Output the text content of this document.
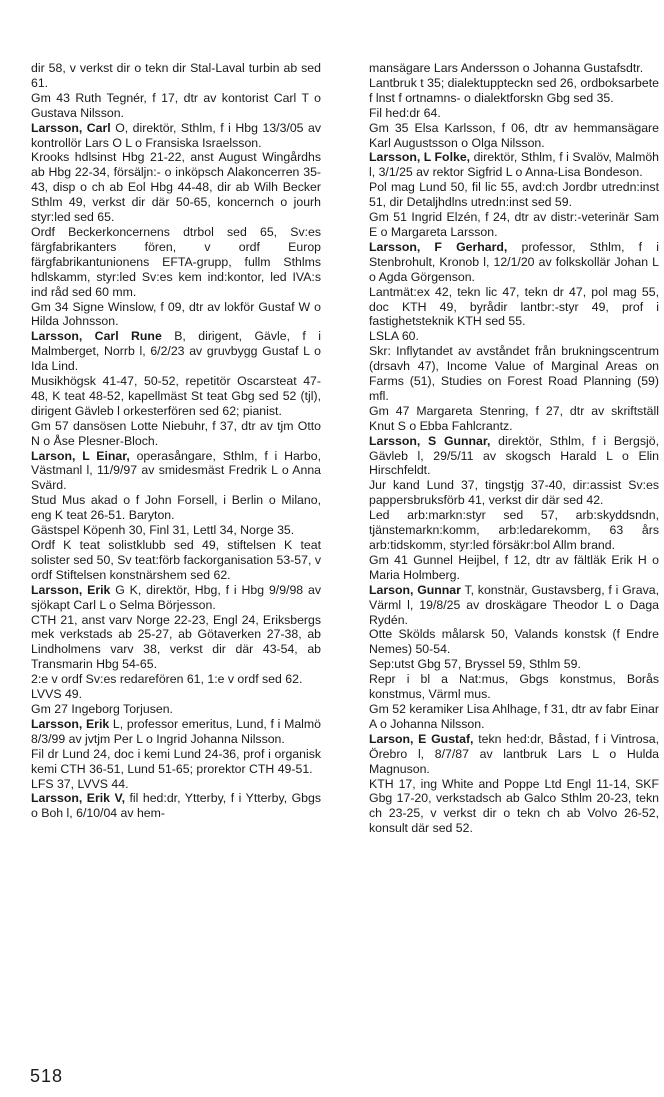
dir 58, v verkst dir o tekn dir Stal-Laval turbin ab sed 61.

Gm 43 Ruth Tegnér, f 17, dtr av kontorist Carl T o Gustava Nilsson.

Larsson, Carl O, direktör, Sthlm, f i Hbg 13/3/05 av kontrollör Lars O L o Fransiska Israelsson.

Krooks hdlsinst Hbg 21-22, anst August Wingårdhs ab Hbg 22-34, försäljn:- o inköpsch Alakoncerren 35-43, disp o ch ab Eol Hbg 44-48, dir ab Wilh Becker Sthlm 49, verkst dir där 50-65, koncernch o jourh styr:led sed 65.

Ordf Beckerkoncernens dtrbol sed 65, Sv:es färgfabrikanters fören, v ordf Europ färgfabrikantunionens EFTA-grupp, fullm Sthlms hdlskamm, styr:led Sv:es kem ind:kontor, led IVA:s ind råd sed 60 mm.

Gm 34 Signe Winslow, f 09, dtr av lokför Gustaf W o Hilda Johnsson.

Larsson, Carl Rune B, dirigent, Gävle, f i Malmberget, Norrb l, 6/2/23 av gruvbygg Gustaf L o Ida Lind.

Musikhögsk 41-47, 50-52, repetitör Oscarsteat 47-48, K teat 48-52, kapellmäst St teat Gbg sed 52 (tjl), dirigent Gävleb l orkesterfören sed 62; pianist.

Gm 57 dansösen Lotte Niebuhr, f 37, dtr av tjm Otto N o Åse Plesner-Bloch.

Larson, L Einar, operasångare, Sthlm, f i Harbo, Västmanl l, 11/9/97 av smidesmäst Fredrik L o Anna Svärd.

Stud Mus akad o f John Forsell, i Berlin o Milano, eng K teat 26-51. Baryton.

Gästspel Köpenh 30, Finl 31, Lettl 34, Norge 35.

Ordf K teat solistklubb sed 49, stiftelsen K teat solister sed 50, Sv teat:förb fackorganisation 53-57, v ordf Stiftelsen konstnärshem sed 62.

Larsson, Erik G K, direktör, Hbg, f i Hbg 9/9/98 av sjökapt Carl L o Selma Börjesson.

CTH 21, anst varv Norge 22-23, Engl 24, Eriksbergs mek verkstads ab 25-27, ab Götaverken 27-38, ab Lindholmens varv 38, verkst dir där 43-54, ab Transmarin Hbg 54-65.

2:e v ordf Sv:es redarefören 61, 1:e v ordf sed 62.

LVVS 49.

Gm 27 Ingeborg Torjusen.

Larsson, Erik L, professor emeritus, Lund, f i Malmö 8/3/99 av jvtjm Per L o Ingrid Johanna Nilsson.

Fil dr Lund 24, doc i kemi Lund 24-36, prof i organisk kemi CTH 36-51, Lund 51-65; prorektor CTH 49-51.

LFS 37, LVVS 44.

Larsson, Erik V, fil hed:dr, Ytterby, f i Ytterby, Gbgs o Boh l, 6/10/04 av hem-

mansägare Lars Andersson o Johanna Gustafsdtr.

Lantbruk t 35; dialektuppteckn sed 26, ordboksarbete f lnst f ortnamns- o dialektforskn Gbg sed 35.

Fil hed:dr 64.

Gm 35 Elsa Karlsson, f 06, dtr av hemmansägare Karl Augustsson o Olga Nilsson.

Larsson, L Folke, direktör, Sthlm, f i Svalöv, Malmöh l, 3/1/25 av rektor Sigfrid L o Anna-Lisa Bondeson.

Pol mag Lund 50, fil lic 55, avd:ch Jordbr utredn:inst 51, dir Detaljhdlns utredn:inst sed 59.

Gm 51 Ingrid Elzén, f 24, dtr av distr:-veterinär Sam E o Margareta Larsson.

Larsson, F Gerhard, professor, Sthlm, f i Stenbrohult, Kronob l, 12/1/20 av folkskollär Johan L o Agda Görgenson.

Lantmät:ex 42, tekn lic 47, tekn dr 47, pol mag 55, doc KTH 49, byrådir lantbr:-styr 49, prof i fastighetsteknik KTH sed 55.

LSLA 60.

Skr: Inflytandet av avståndet från brukningscentrum (drsavh 47), Income Value of Marginal Areas on Farms (51), Studies on Forest Road Planning (59) mfl.

Gm 47 Margareta Stenring, f 27, dtr av skriftställ Knut S o Ebba Fahlcrantz.

Larsson, S Gunnar, direktör, Sthlm, f i Bergsjö, Gävleb l, 29/5/11 av skogsch Harald L o Elin Hirschfeldt.

Jur kand Lund 37, tingstjg 37-40, dir:assist Sv:es pappersbruksförb 41, verkst dir där sed 42.

Led arb:markn:styr sed 57, arb:skyddsndn, tjänstemarkn:komm, arb:ledarekomm, 63 års arb:tidskomm, styr:led försäkr:bol Allm brand.

Gm 41 Gunnel Heijbel, f 12, dtr av fältläk Erik H o Maria Holmberg.

Larson, Gunnar T, konstnär, Gustavsberg, f i Grava, Värml l, 19/8/25 av droskägare Theodor L o Daga Rydén.

Otte Skölds målarsk 50, Valands konstsk (f Endre Nemes) 50-54.

Sep:utst Gbg 57, Bryssel 59, Sthlm 59.

Repr i bl a Nat:mus, Gbgs konstmus, Borås konstmus, Värml mus.

Gm 52 keramiker Lisa Ahlhage, f 31, dtr av fabr Einar A o Johanna Nilsson.

Larson, E Gustaf, tekn hed:dr, Båstad, f i Vintrosa, Örebro l, 8/7/87 av lantbruk Lars L o Hulda Magnuson.

KTH 17, ing White and Poppe Ltd Engl 11-14, SKF Gbg 17-20, verkstadsch ab Galco Sthlm 20-23, tekn ch 23-25, v verkst dir o tekn ch ab Volvo 26-52, konsult där sed 52.

518
